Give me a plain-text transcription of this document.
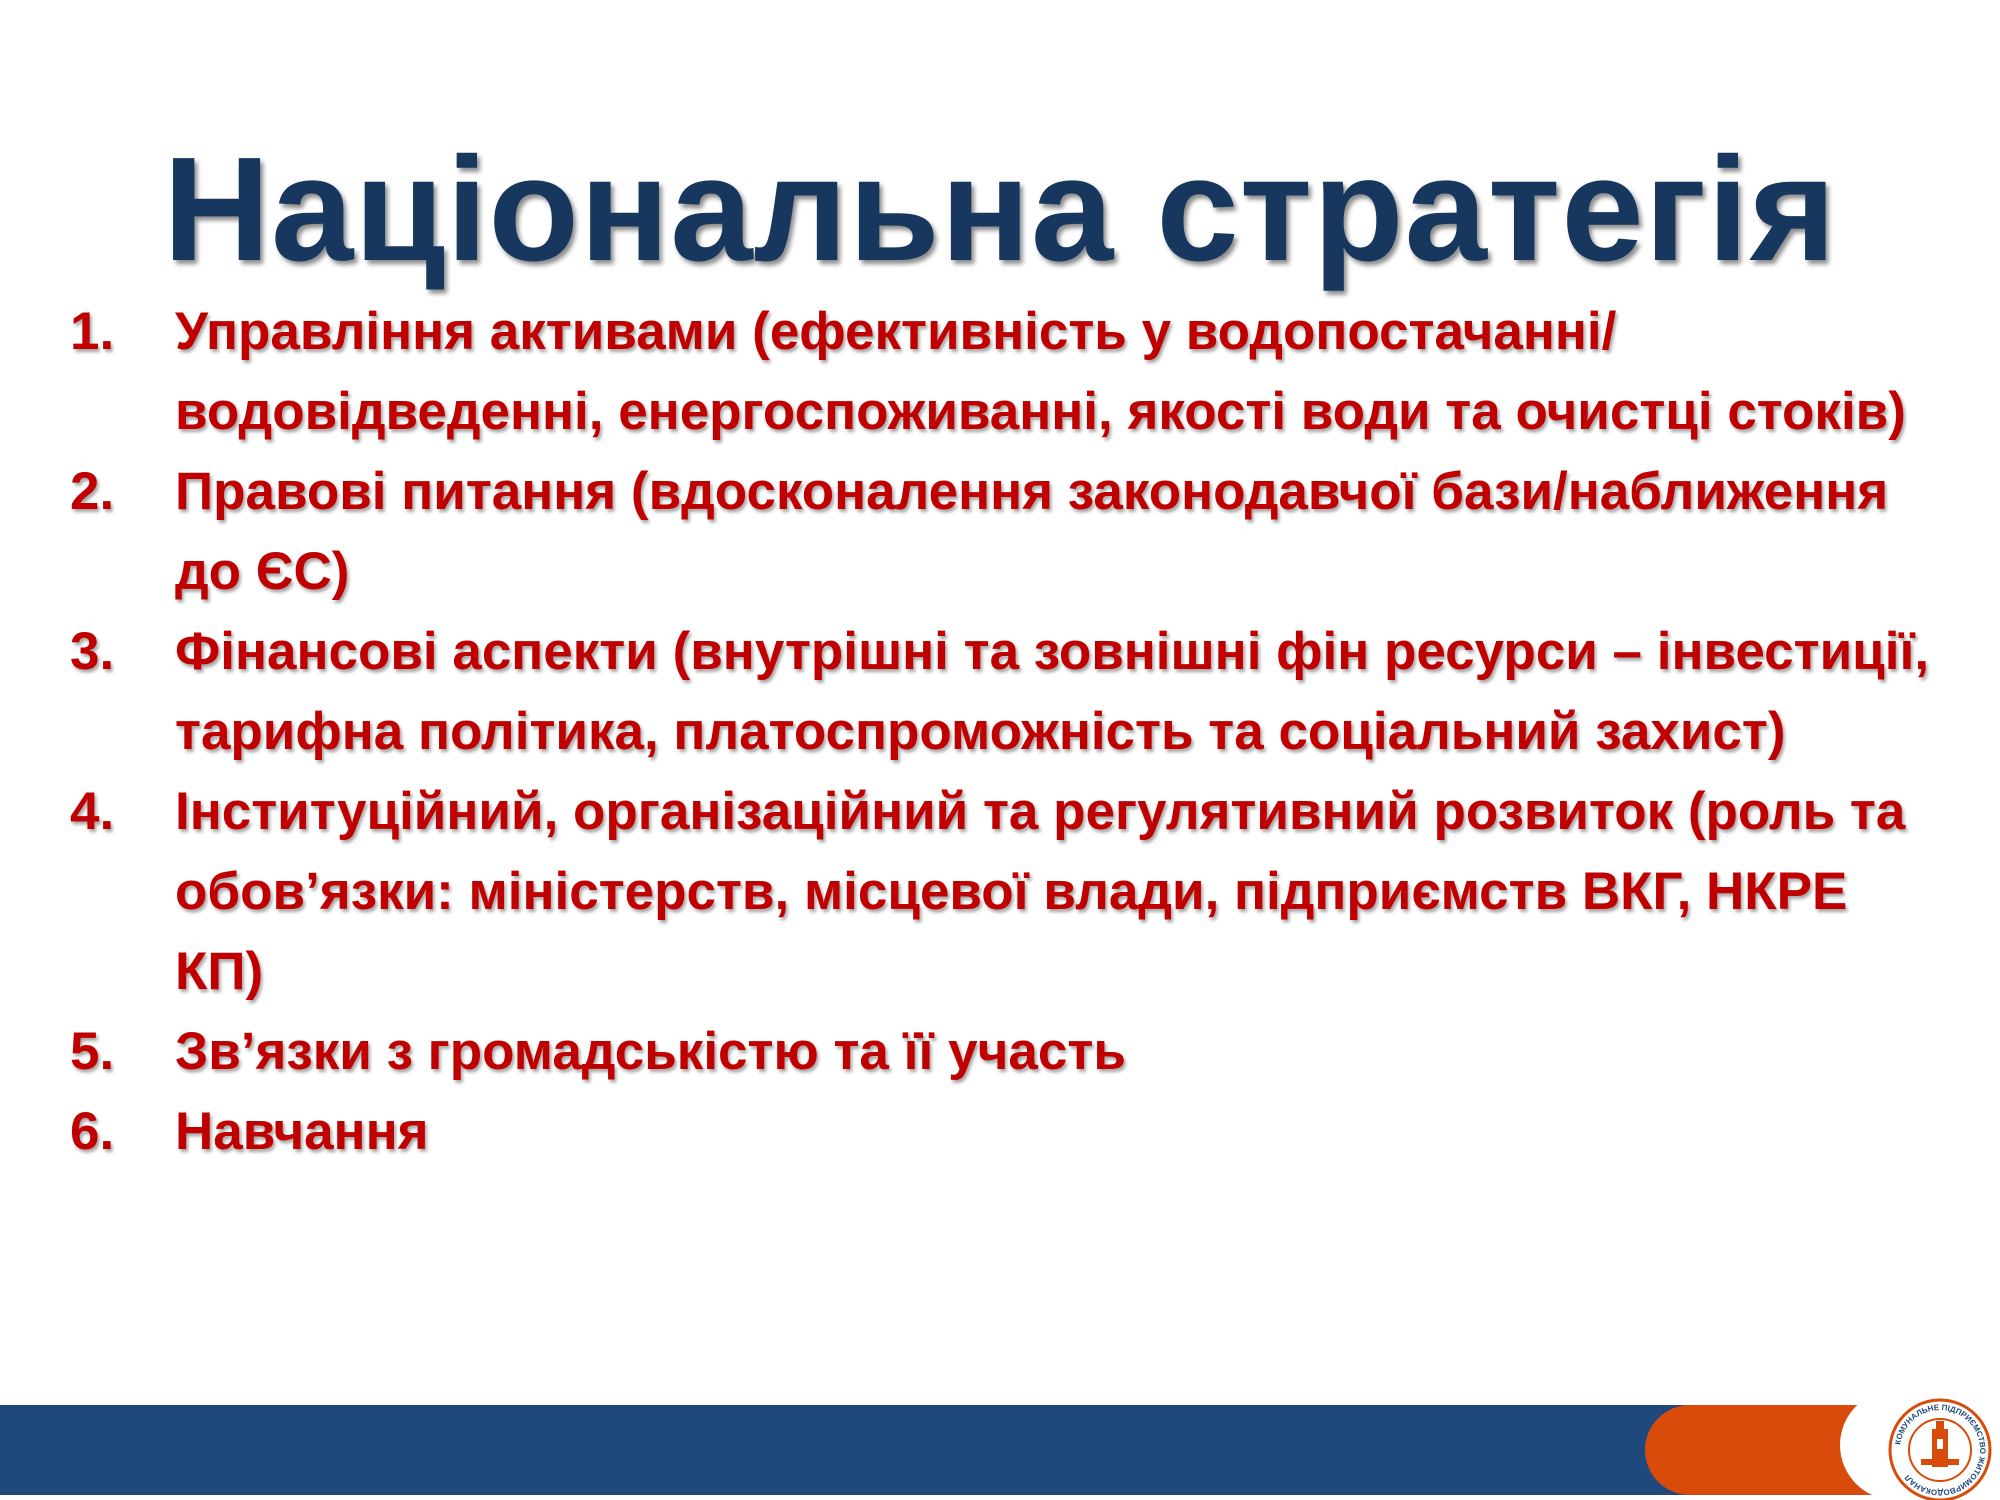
Національна стратегія
1.	Управління активами (ефективність у водопостачанні/водовідведенні, енергоспоживанні, якості води та очистці стоків)
2.	Правові питання (вдосконалення законодавчої бази/наближення до ЄС)
3.	Фінансові аспекти (внутрішні та зовнішні фін ресурси – інвестиції, тарифна політика, платоспроможність та соціальний захист)
4.	Інституційний, організаційний та регулятивний розвиток (роль та обов’язки: міністерств, місцевої влади, підприємств ВКГ, НКРЕ КП)
5.	Зв’язки з громадськістю та її участь
6.	Навчання
КОМУНАЛЬНЕ ПІДПРИЄМСТВО ЖИТОМИРВОДОКАНАЛ
